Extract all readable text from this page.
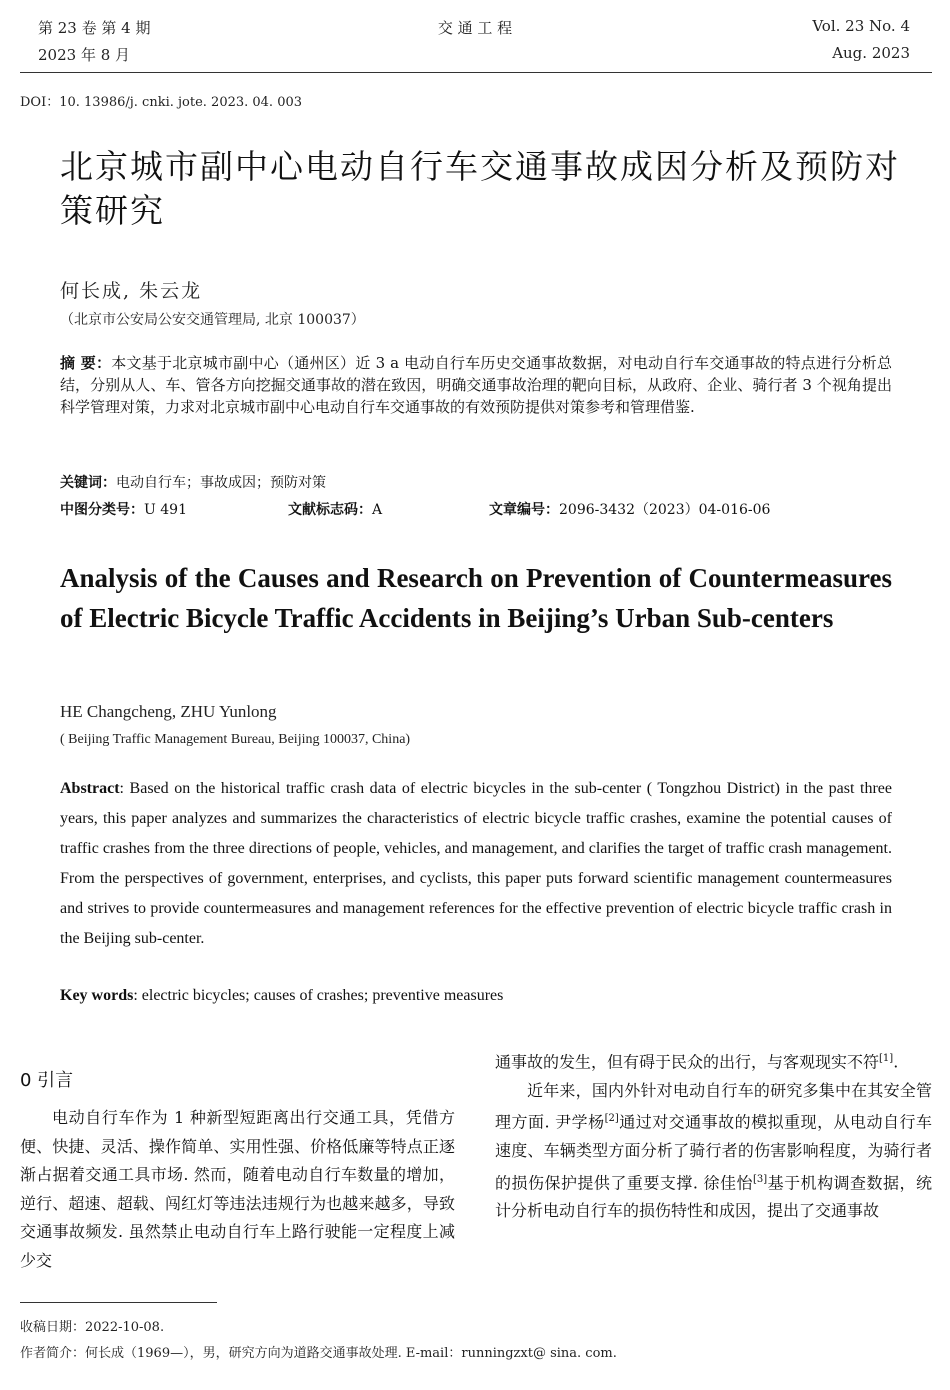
第 23 卷 第 4 期
2023 年 8 月
交 通 工 程	Vol. 23 No. 4
Aug. 2023
DOI：10. 13986/j. cnki. jote. 2023. 04. 003
北京城市副中心电动自行车交通事故成因分析及预防对策研究
何长成, 朱云龙
（北京市公安局公安交通管理局, 北京 100037）
摘 要：本文基于北京城市副中心（通州区）近 3 a 电动自行车历史交通事故数据，对电动自行车交通事故的特点进行分析总结，分别从人、车、管各方向挖掘交通事故的潜在致因，明确交通事故治理的靶向目标，从政府、企业、骑行者 3 个视角提出科学管理对策，力求对北京城市副中心电动自行车交通事故的有效预防提供对策参考和管理借鉴.
关键词：电动自行车；事故成因；预防对策
中图分类号：U 491	文献标志码：A	文章编号：2096-3432（2023）04-016-06
Analysis of the Causes and Research on Prevention of Countermeasures of Electric Bicycle Traffic Accidents in Beijing’s Urban Sub-centers
HE Changcheng, ZHU Yunlong
( Beijing Traffic Management Bureau, Beijing 100037, China)
Abstract: Based on the historical traffic crash data of electric bicycles in the sub-center ( Tongzhou District) in the past three years, this paper analyzes and summarizes the characteristics of electric bicycle traffic crashes, examine the potential causes of traffic crashes from the three directions of people, vehicles, and management, and clarifies the target of traffic crash management. From the perspectives of government, enterprises, and cyclists, this paper puts forward scientific management countermeasures and strives to provide countermeasures and management references for the effective prevention of electric bicycle traffic crash in the Beijing sub-center.
Key words: electric bicycles; causes of crashes; preventive measures
0 引言

电动自行车作为 1 种新型短距离出行交通工具，凭借方便、快捷、灵活、操作简单、实用性强、价格低廉等特点正逐渐占据着交通工具市场. 然而，随着电动自行车数量的增加，逆行、超速、超载、闯红灯等违法违规行为也越来越多，导致交通事故频发. 虽然禁止电动自行车上路行驶能一定程度上减少交

通事故的发生，但有碍于民众的出行，与客观现实不符[1].

近年来，国内外针对电动自行车的研究多集中在其安全管理方面. 尹学杨[2]通过对交通事故的模拟重现，从电动自行车速度、车辆类型方面分析了骑行者的伤害影响程度，为骑行者的损伤保护提供了重要支撑. 徐佳怡[3]基于机构调查数据，统计分析电动自行车的损伤特性和成因，提出了交通事故

收稿日期：2022-10-08.
作者简介：何长成（1969—），男，研究方向为道路交通事故处理. E-mail：runningzxt@ sina. com.
